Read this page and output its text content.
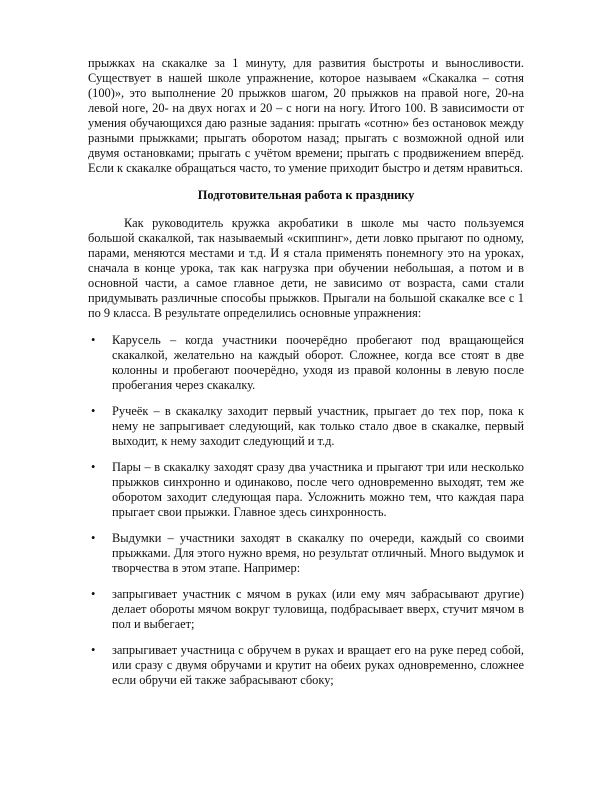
прыжках на скакалке за 1 минуту, для развития быстроты и выносливости. Существует в нашей школе упражнение, которое называем «Скакалка – сотня (100)», это выполнение 20 прыжков шагом, 20 прыжков на правой ноге, 20-на левой ноге, 20- на двух ногах и 20 – с ноги на ногу. Итого 100. В зависимости от умения обучающихся даю разные задания: прыгать «сотню» без остановок между разными прыжками; прыгать оборотом назад; прыгать с возможной одной или двумя остановками; прыгать с учётом времени; прыгать с продвижением вперёд. Если к скакалке обращаться часто, то умение приходит быстро и детям нравиться.

Подготовительная работа к празднику

Как руководитель кружка акробатики в школе мы часто пользуемся большой скакалкой, так называемый «скиппинг», дети ловко прыгают по одному, парами, меняются местами и т.д. И я стала применять понемногу это на уроках, сначала в конце урока, так как нагрузка при обучении небольшая, а потом и в основной части, а самое главное дети, не зависимо от возраста, сами стали придумывать различные способы прыжков. Прыгали на большой скакалке все с 1 по 9 класса. В результате определились основные упражнения:

• Карусель – когда участники поочерёдно пробегают под вращающейся скакалкой, желательно на каждый оборот. Сложнее, когда все стоят в две колонны и пробегают поочерёдно, уходя из правой колонны в левую после пробегания через скакалку.

• Ручеёк – в скакалку заходит первый участник, прыгает до тех пор, пока к нему не запрыгивает следующий, как только стало двое в скакалке, первый выходит, к нему заходит следующий и т.д.

• Пары – в скакалку заходят сразу два участника и прыгают три или несколько прыжков синхронно и одинаково, после чего одновременно выходят, тем же оборотом заходит следующая пара. Усложнить можно тем, что каждая пара прыгает свои прыжки. Главное здесь синхронность.

• Выдумки – участники заходят в скакалку по очереди, каждый со своими прыжками. Для этого нужно время, но результат отличный. Много выдумок и творчества в этом этапе. Например:

• запрыгивает участник с мячом в руках (или ему мяч забрасывают другие) делает обороты мячом вокруг туловища, подбрасывает вверх, стучит мячом в пол и выбегает;

• запрыгивает участница с обручем в руках и вращает его на руке перед собой, или сразу с двумя обручами и крутит на обеих руках одновременно, сложнее если обручи ей также забрасывают сбоку;
